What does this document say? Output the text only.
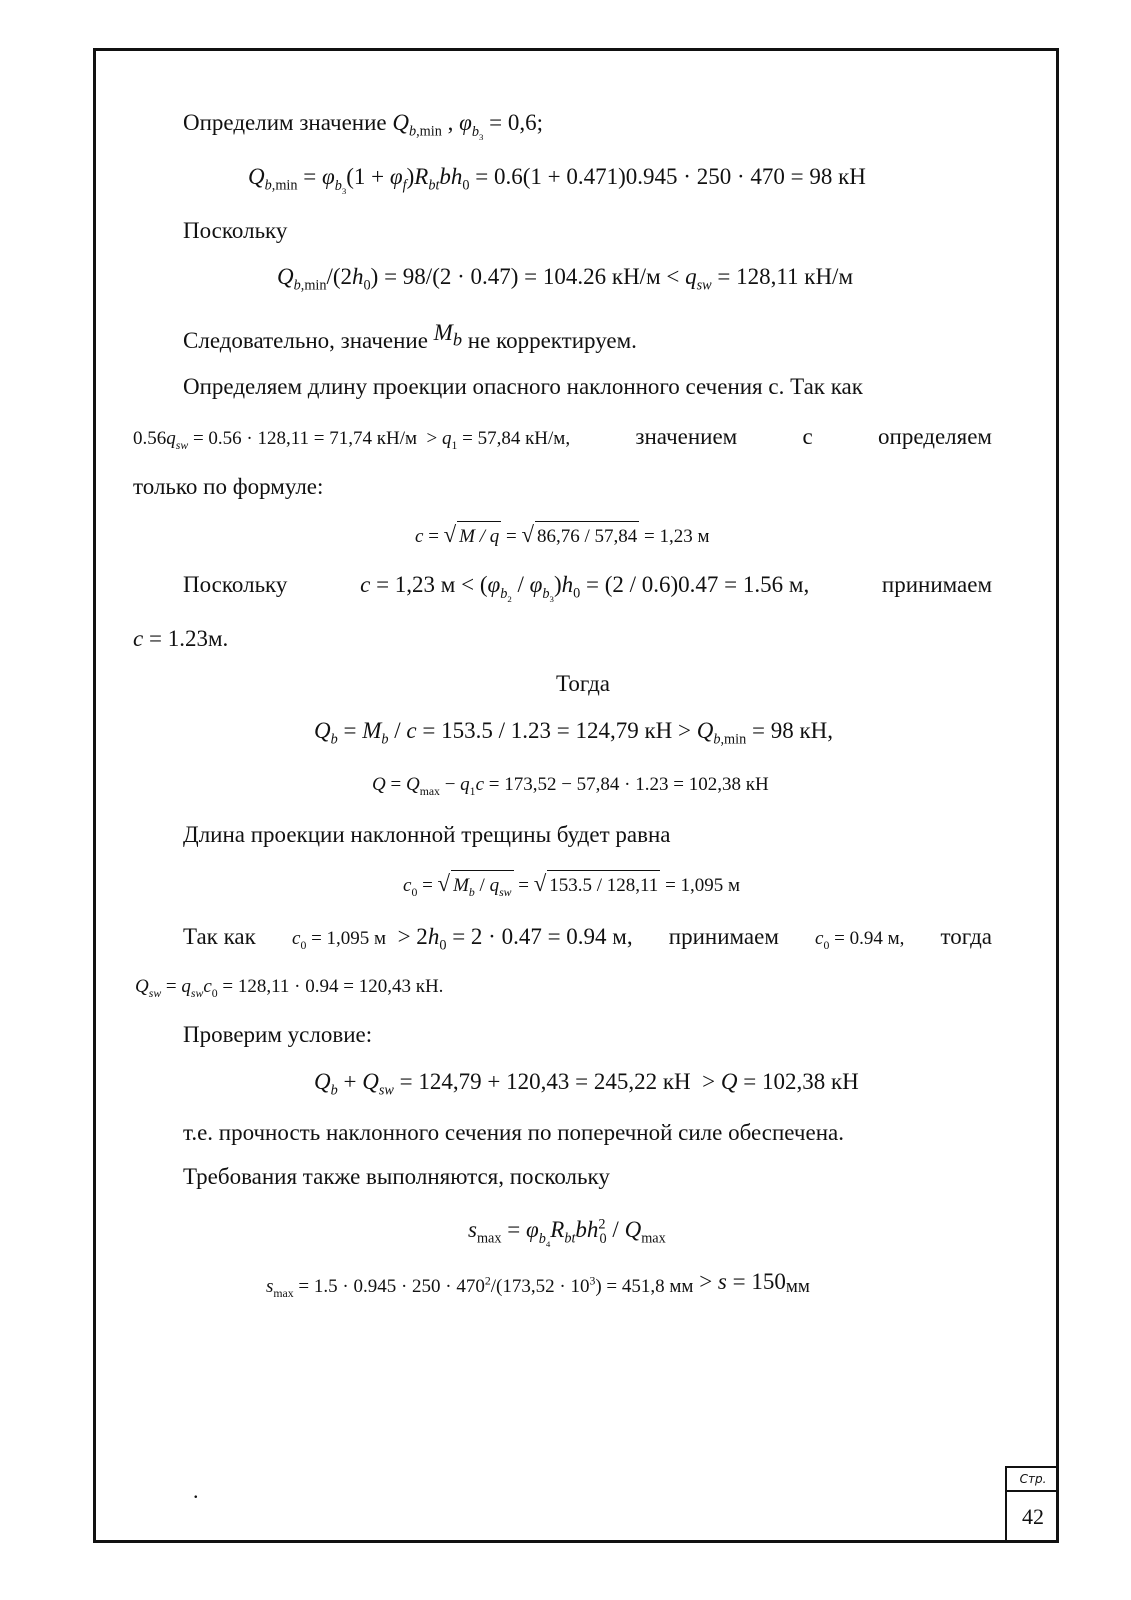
Определим значение $Q_{b,min}$ , $\varphi_{b_3} = 0,6$;
$Q_{b,min} = \varphi_{b_3}(1 + \varphi_f)R_{bt}bh_0 = 0.6(1 + 0.471)0.945 \cdot 250 \cdot 470 = 98$ кН
Поскольку
$Q_{b,min}/(2h_0) = 98/(2 \cdot 0.47) = 104.26$ $кН/м < q_{sw} = 128,11$ кН/м
Следовательно, значение $M_b$ не корректируем.
Определяем длину проекции опасного наклонного сечения с. Так как
$0.56q_{sw} = 0.56 \cdot 128,11 = 71,74$ $кН/м > q_1 = 57,84$ кН/м,	значением	с	определяем
только по формуле:
c = √ M / q = √ 86,76 / 57,84 = 1,23 м
Поскольку	c = 1,23 $м < (\varphi_{b_2} / \varphi_{b_3})h_0 = (2 / 0.6)0.47 = 1.56$ м,	принимаем
c = 1.23м.
Тогда
$Q_b = M_b / c = 153.5 / 1.23 = 124,79$ кН > $Q_{b,min} = 98$ кН,
$Q = Q_{max} - q_1c = 173,52 - 57,84 \cdot 1.23 = 102,38$ кН
Длина проекции наклонной трещины будет равна
$c_0$ = √ $M_b / q_{sw}$ = √ 153.5 / 128,11 = 1,095 м
Так как $c_0 = 1,095$ $м > 2h_0 = 2 \cdot 0.47 = 0.94$ м, принимаем $c_0 = 0.94$ м, тогда
$Q_{sw} = q_{sw}c_0 = 128,11 \cdot 0.94 = 120,43$ кН.
Проверим условие:
$Q_b + Q_{sw} = 124,79 + 120,43 = 245,22$ кН  > Q = 102,38 кН
т.е. прочность наклонного сечения по поперечной силе обеспечена.
Требования также выполняются, поскольку
$s_{max} = \varphi_{b_4}R_{bt}bh^2_0 / Q_{max}$
$s_{max} = 1.5 \cdot 0.945 \cdot 250 \cdot 470^2/(173,52 \cdot 10^3) = 451,8$ мм > s = 150мм
.	Стр.
42
